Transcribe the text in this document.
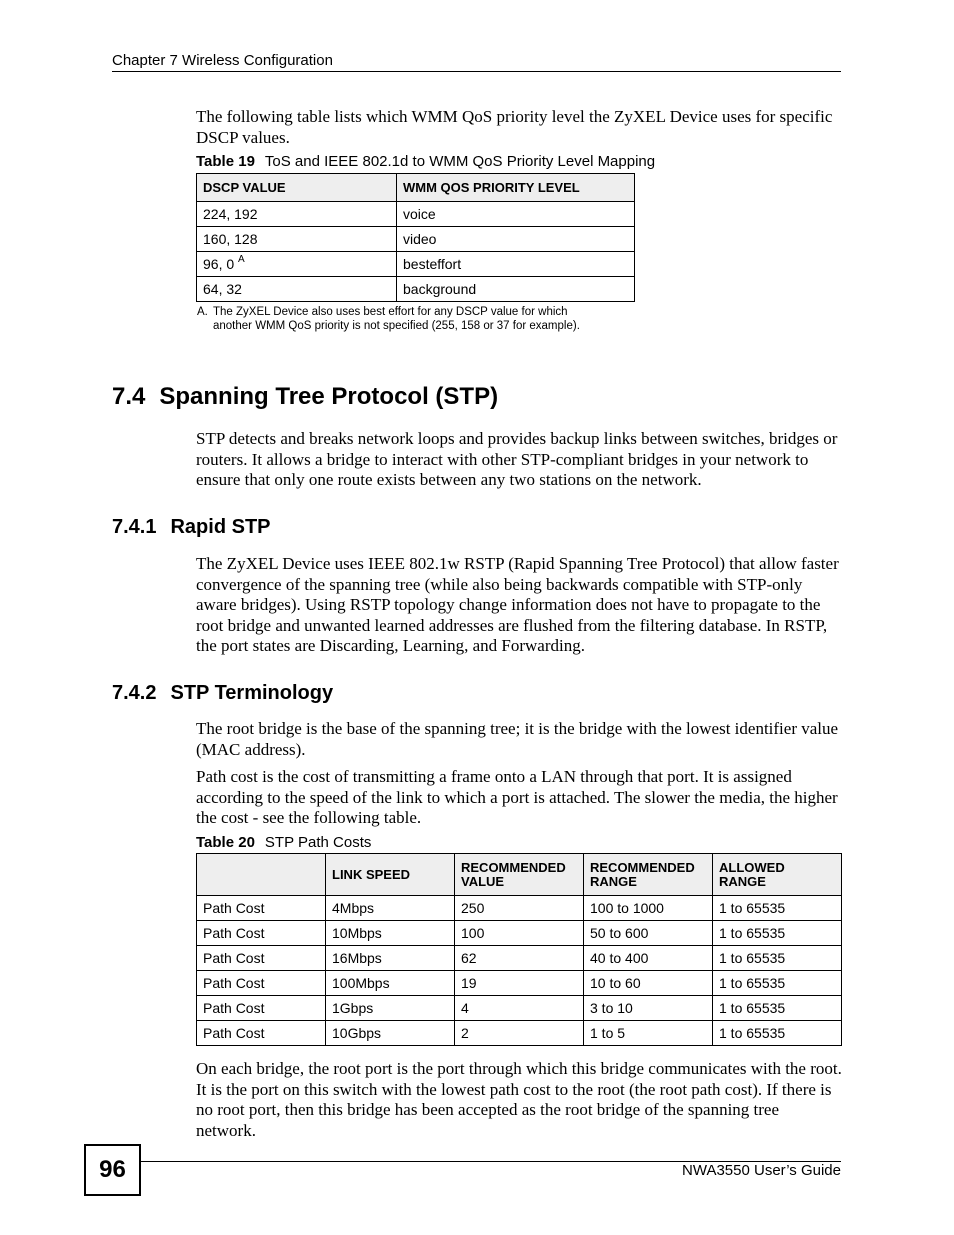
Chapter 7 Wireless Configuration

The following table lists which WMM QoS priority level the ZyXEL Device uses for specific DSCP values.

Table 19 ToS and IEEE 802.1d to WMM QoS Priority Level Mapping
DSCP VALUE	WMM QOS PRIORITY LEVEL
224, 192	voice
160, 128	video
96, 0 $^A$	besteffort
64, 32	background
A. The ZyXEL Device also uses best effort for any DSCP value for which
another WMM QoS priority is not specified (255, 158 or 37 for example).
7.4 Spanning Tree Protocol (STP)

STP detects and breaks network loops and provides backup links between switches, bridges or routers. It allows a bridge to interact with other STP-compliant bridges in your network to ensure that only one route exists between any two stations on the network.

7.4.1 Rapid STP

The ZyXEL Device uses IEEE 802.1w RSTP (Rapid Spanning Tree Protocol) that allow faster convergence of the spanning tree (while also being backwards compatible with STP-only aware bridges). Using RSTP topology change information does not have to propagate to the root bridge and unwanted learned addresses are flushed from the filtering database. In RSTP, the port states are Discarding, Learning, and Forwarding.

7.4.2 STP Terminology

The root bridge is the base of the spanning tree; it is the bridge with the lowest identifier value (MAC address).

Path cost is the cost of transmitting a frame onto a LAN through that port. It is assigned according to the speed of the link to which a port is attached. The slower the media, the higher the cost - see the following table.

Table 20 STP Path Costs
	LINK SPEED	RECOMMENDED VALUE	RECOMMENDED RANGE	ALLOWED RANGE
Path Cost	4Mbps	250	100 to 1000	1 to 65535
Path Cost	10Mbps	100	50 to 600	1 to 65535
Path Cost	16Mbps	62	40 to 400	1 to 65535
Path Cost	100Mbps	19	10 to 60	1 to 65535
Path Cost	1Gbps	4	3 to 10	1 to 65535
Path Cost	10Gbps	2	1 to 5	1 to 65535

On each bridge, the root port is the port through which this bridge communicates with the root. It is the port on this switch with the lowest path cost to the root (the root path cost). If there is no root port, then this bridge has been accepted as the root bridge of the spanning tree network.

96	NWA3550 User’s Guide
